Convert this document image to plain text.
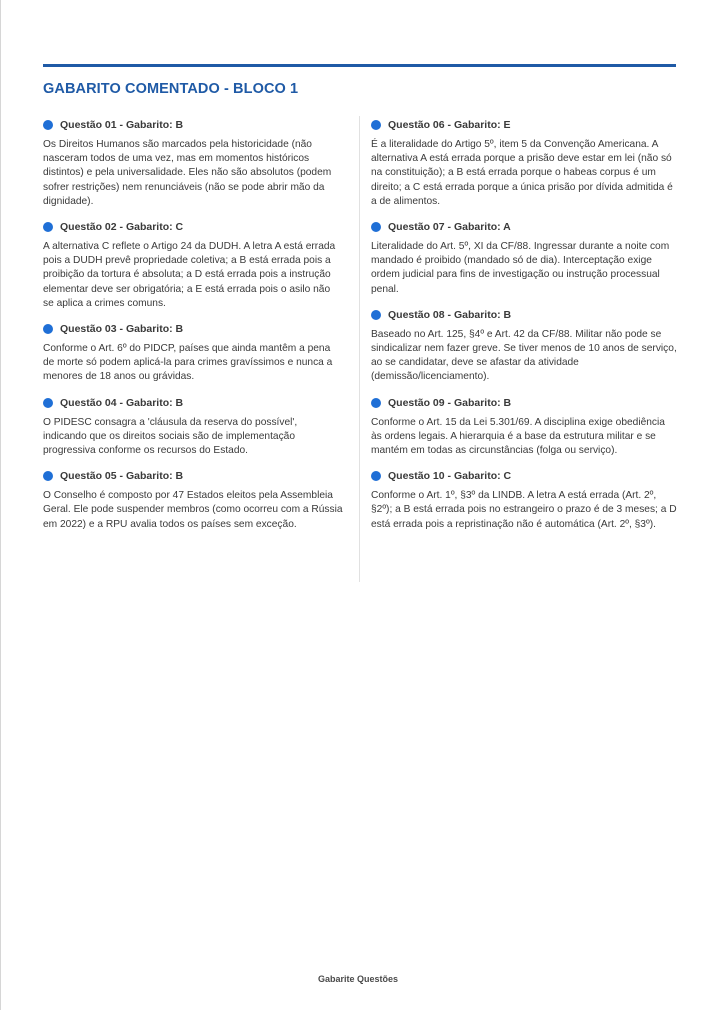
GABARITO COMENTADO - BLOCO 1
Questão 01 - Gabarito: B
Os Direitos Humanos são marcados pela historicidade (não nasceram todos de uma vez, mas em momentos históricos distintos) e pela universalidade. Eles não são absolutos (podem sofrer restrições) nem renunciáveis (não se pode abrir mão da dignidade).
Questão 02 - Gabarito: C
A alternativa C reflete o Artigo 24 da DUDH. A letra A está errada pois a DUDH prevê propriedade coletiva; a B está errada pois a proibição da tortura é absoluta; a D está errada pois a instrução elementar deve ser obrigatória; a E está errada pois o asilo não se aplica a crimes comuns.
Questão 03 - Gabarito: B
Conforme o Art. 6º do PIDCP, países que ainda mantêm a pena de morte só podem aplicá-la para crimes gravíssimos e nunca a menores de 18 anos ou grávidas.
Questão 04 - Gabarito: B
O PIDESC consagra a 'cláusula da reserva do possível', indicando que os direitos sociais são de implementação progressiva conforme os recursos do Estado.
Questão 05 - Gabarito: B
O Conselho é composto por 47 Estados eleitos pela Assembleia Geral. Ele pode suspender membros (como ocorreu com a Rússia em 2022) e a RPU avalia todos os países sem exceção.
Questão 06 - Gabarito: E
É a literalidade do Artigo 5º, item 5 da Convenção Americana. A alternativa A está errada porque a prisão deve estar em lei (não só na constituição); a B está errada porque o habeas corpus é um direito; a C está errada porque a única prisão por dívida admitida é a de alimentos.
Questão 07 - Gabarito: A
Literalidade do Art. 5º, XI da CF/88. Ingressar durante a noite com mandado é proibido (mandado só de dia). Interceptação exige ordem judicial para fins de investigação ou instrução processual penal.
Questão 08 - Gabarito: B
Baseado no Art. 125, §4º e Art. 42 da CF/88. Militar não pode se sindicalizar nem fazer greve. Se tiver menos de 10 anos de serviço, ao se candidatar, deve se afastar da atividade (demissão/licenciamento).
Questão 09 - Gabarito: B
Conforme o Art. 15 da Lei 5.301/69. A disciplina exige obediência às ordens legais. A hierarquia é a base da estrutura militar e se mantém em todas as circunstâncias (folga ou serviço).
Questão 10 - Gabarito: C
Conforme o Art. 1º, §3º da LINDB. A letra A está errada (Art. 2º, §2º); a B está errada pois no estrangeiro o prazo é de 3 meses; a D está errada pois a repristinação não é automática (Art. 2º, §3º).
Gabarite Questões
